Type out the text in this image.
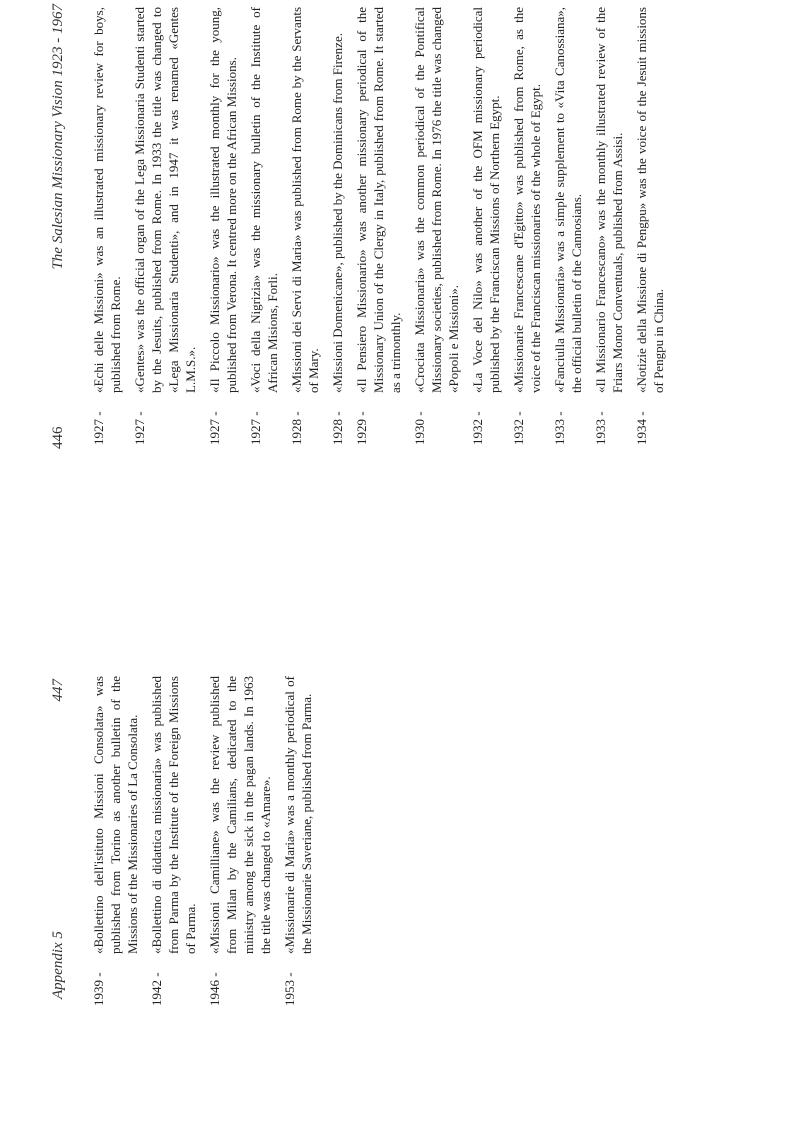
Appendix 5
447
1939 -
«Bollettino dell'istituto Missioni Consolata» was published from Torino as another bulletin of the Missions of the Missionaries of La Consolata.
1942 -
«Bollettino di didattica missionaria» was published from Parma by the Institute of the Foreign Missions of Parma.
1946 -
«Missioni Camilliane» was the review published from Milan by the Camilians, dedicated to the ministry among the sick in the pagan lands. In 1963 the title was changed to «Amare».
1953 -
«Missionarie di Maria» was a monthly periodical of the Missionarie Saveriane, published from Parma.
446
The Salesian Missionary Vision 1923 - 1967
1927 -
«Echi delle Missioni» was an illustrated missionary review for boys, published from Rome.
1927 -
«Gentes» was the official organ of the Lega Missionaria Studenti started by the Jesuits, published from Rome. In 1933 the title was changed to «Lega Missionaria Studenti», and in 1947 it was renamed «Gentes L.M.S.».
1927 -
«Il Piccolo Missionario» was the illustrated monthly for the young, published from Verona. It centred more on the African Missions.
1927 -
«Voci della Nigrizia» was the missionary bulletin of the Institute of African Misions, Forli.
1928 -
«Missioni dei Servi di Maria» was published from Rome by the Servants of Mary.
1928 -
«Missioni Domenicane», published by the Dominicans from Firenze.
1929 -
«Il Pensiero Missionario» was another missionary periodical of the Missionary Union of the Clergy in Italy, published from Rome. It started as a trimonthly.
1930 -
«Crociata Missionaria» was the common periodical of the Pontifical Missionary societies, published from Rome. In 1976 the title was changed «Popoli e Missioni».
1932 -
«La Voce del Nilo» was another of the OFM missionary periodical published by the Franciscan Missions of Northern Egypt.
1932 -
«Missionarie Francescane d'Egitto» was published from Rome, as the voice of the Franciscan missionaries of the whole of Egypt.
1933 -
«Fanciulla Missionaria» was a simple supplement to «Vita Canossiana», the official bulletin of the Cannosians.
1933 -
«Il Missionario Francescano» was the monthly illustrated review of the Friars Monor Conventuals, published from Assisi.
1934 -
«Notizie della Missione di Pengpu» was the voice of the Jesuit missions of Pengpu in China.
